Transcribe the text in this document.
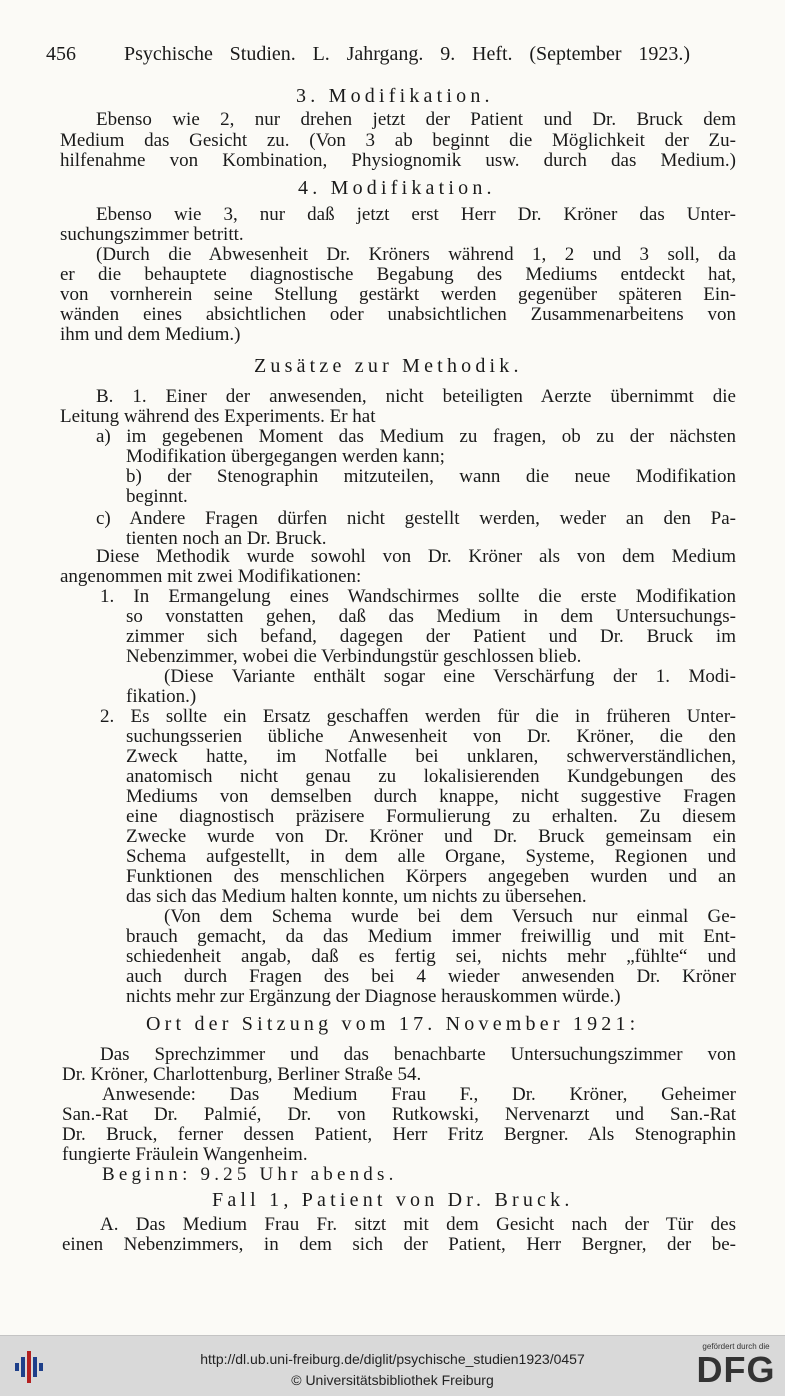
456 Psychische Studien. L. Jahrgang. 9. Heft. (September 1923.)
3. Modifikation.
Ebenso wie 2, nur drehen jetzt der Patient und Dr. Bruck dem
Medium das Gesicht zu. (Von 3 ab beginnt die Möglichkeit der Zu-
hilfenahme von Kombination, Physiognomik usw. durch das Medium.)
4. Modifikation.
Ebenso wie 3, nur daß jetzt erst Herr Dr. Kröner das Unter-
suchungszimmer betritt.
(Durch die Abwesenheit Dr. Kröners während 1, 2 und 3 soll, da
er die behauptete diagnostische Begabung des Mediums entdeckt hat,
von vornherein seine Stellung gestärkt werden gegenüber späteren Ein-
wänden eines absichtlichen oder unabsichtlichen Zusammenarbeitens von
ihm und dem Medium.)
Zusätze zur Methodik.
B. 1. Einer der anwesenden, nicht beteiligten Aerzte übernimmt die
Leitung während des Experiments. Er hat
a) im gegebenen Moment das Medium zu fragen, ob zu der nächsten
Modifikation übergegangen werden kann;
b) der Stenographin mitzuteilen, wann die neue Modifikation
beginnt.
c) Andere Fragen dürfen nicht gestellt werden, weder an den Pa-
tienten noch an Dr. Bruck.
Diese Methodik wurde sowohl von Dr. Kröner als von dem Medium
angenommen mit zwei Modifikationen:
1. In Ermangelung eines Wandschirmes sollte die erste Modifikation
so vonstatten gehen, daß das Medium in dem Untersuchungs-
zimmer sich befand, dagegen der Patient und Dr. Bruck im
Nebenzimmer, wobei die Verbindungstür geschlossen blieb.
(Diese Variante enthält sogar eine Verschärfung der 1. Modi-
fikation.)
2. Es sollte ein Ersatz geschaffen werden für die in früheren Unter-
suchungsserien übliche Anwesenheit von Dr. Kröner, die den
Zweck hatte, im Notfalle bei unklaren, schwerverständlichen,
anatomisch nicht genau zu lokalisierenden Kundgebungen des
Mediums von demselben durch knappe, nicht suggestive Fragen
eine diagnostisch präzisere Formulierung zu erhalten. Zu diesem
Zwecke wurde von Dr. Kröner und Dr. Bruck gemeinsam ein
Schema aufgestellt, in dem alle Organe, Systeme, Regionen und
Funktionen des menschlichen Körpers angegeben wurden und an
das sich das Medium halten konnte, um nichts zu übersehen.
(Von dem Schema wurde bei dem Versuch nur einmal Ge-
brauch gemacht, da das Medium immer freiwillig und mit Ent-
schiedenheit angab, daß es fertig sei, nichts mehr „fühlte“ und
auch durch Fragen des bei 4 wieder anwesenden Dr. Kröner
nichts mehr zur Ergänzung der Diagnose herauskommen würde.)
Ort der Sitzung vom 17. November 1921:
Das Sprechzimmer und das benachbarte Untersuchungszimmer von
Dr. Kröner, Charlottenburg, Berliner Straße 54.
Anwesende: Das Medium Frau F., Dr. Kröner, Geheimer
San.-Rat Dr. Palmié, Dr. von Rutkowski, Nervenarzt und San.-Rat
Dr. Bruck, ferner dessen Patient, Herr Fritz Bergner. Als Stenographin
fungierte Fräulein Wangenheim.
Beginn: 9.25 Uhr abends.
Fall 1, Patient von Dr. Bruck.
A. Das Medium Frau Fr. sitzt mit dem Gesicht nach der Tür des
einen Nebenzimmers, in dem sich der Patient, Herr Bergner, der be-
http://dl.ub.uni-freiburg.de/diglit/psychische_studien1923/0457
© Universitätsbibliothek Freiburg
gefördert durch die
DFG
